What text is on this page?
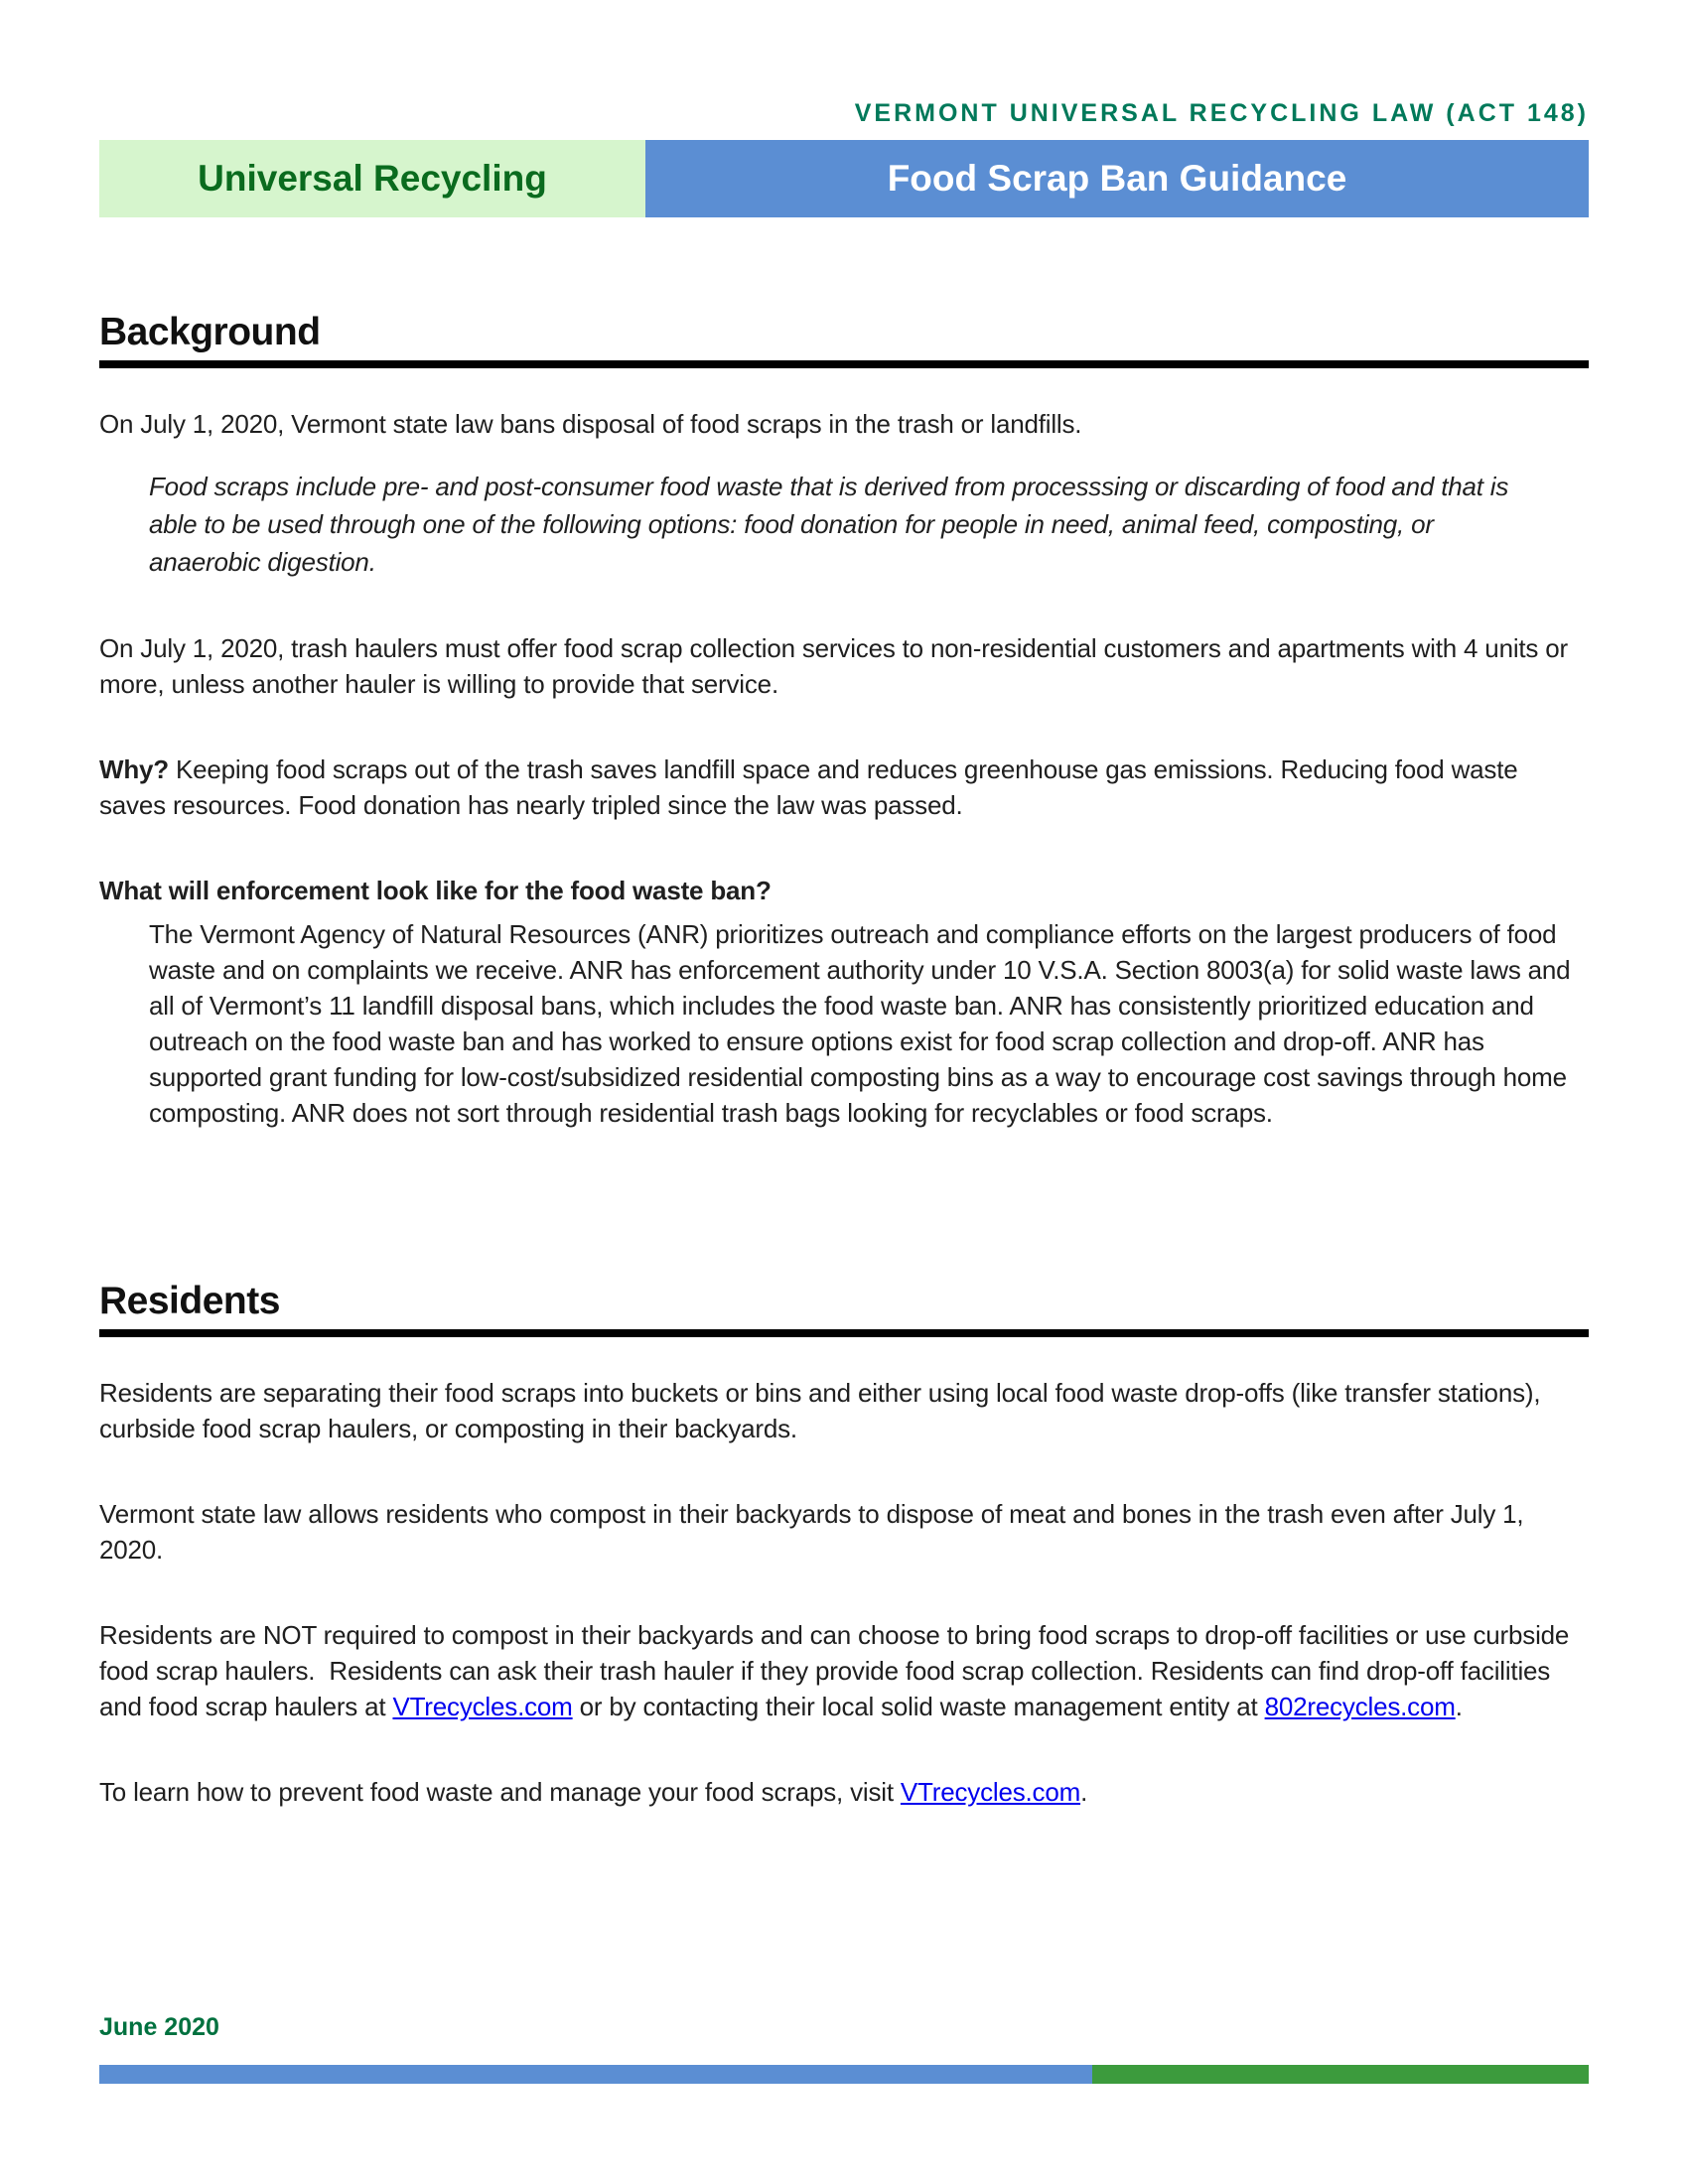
VERMONT UNIVERSAL RECYCLING LAW (ACT 148)
Universal Recycling	Food Scrap Ban Guidance
Background

On July 1, 2020, Vermont state law bans disposal of food scraps in the trash or landfills.

Food scraps include pre- and post-consumer food waste that is derived from processsing or discarding of food and that is able to be used through one of the following options: food donation for people in need, animal feed, composting, or anaerobic digestion.

On July 1, 2020, trash haulers must offer food scrap collection services to non-residential customers and apartments with 4 units or more, unless another hauler is willing to provide that service.

Why? Keeping food scraps out of the trash saves landfill space and reduces greenhouse gas emissions. Reducing food waste saves resources. Food donation has nearly tripled since the law was passed.

What will enforcement look like for the food waste ban?

The Vermont Agency of Natural Resources (ANR) prioritizes outreach and compliance efforts on the largest producers of food waste and on complaints we receive. ANR has enforcement authority under 10 V.S.A. Section 8003(a) for solid waste laws and all of Vermont’s 11 landfill disposal bans, which includes the food waste ban. ANR has consistently prioritized education and outreach on the food waste ban and has worked to ensure options exist for food scrap collection and drop-off. ANR has supported grant funding for low-cost/subsidized residential composting bins as a way to encourage cost savings through home composting. ANR does not sort through residential trash bags looking for recyclables or food scraps.

Residents

Residents are separating their food scraps into buckets or bins and either using local food waste drop-offs (like transfer stations), curbside food scrap haulers, or composting in their backyards.

Vermont state law allows residents who compost in their backyards to dispose of meat and bones in the trash even after July 1, 2020.

Residents are NOT required to compost in their backyards and can choose to bring food scraps to drop-off facilities or use curbside food scrap haulers.  Residents can ask their trash hauler if they provide food scrap collection. Residents can find drop-off facilities and food scrap haulers at VTrecycles.com or by contacting their local solid waste management entity at 802recycles.com.

To learn how to prevent food waste and manage your food scraps, visit VTrecycles.com.

June 2020
